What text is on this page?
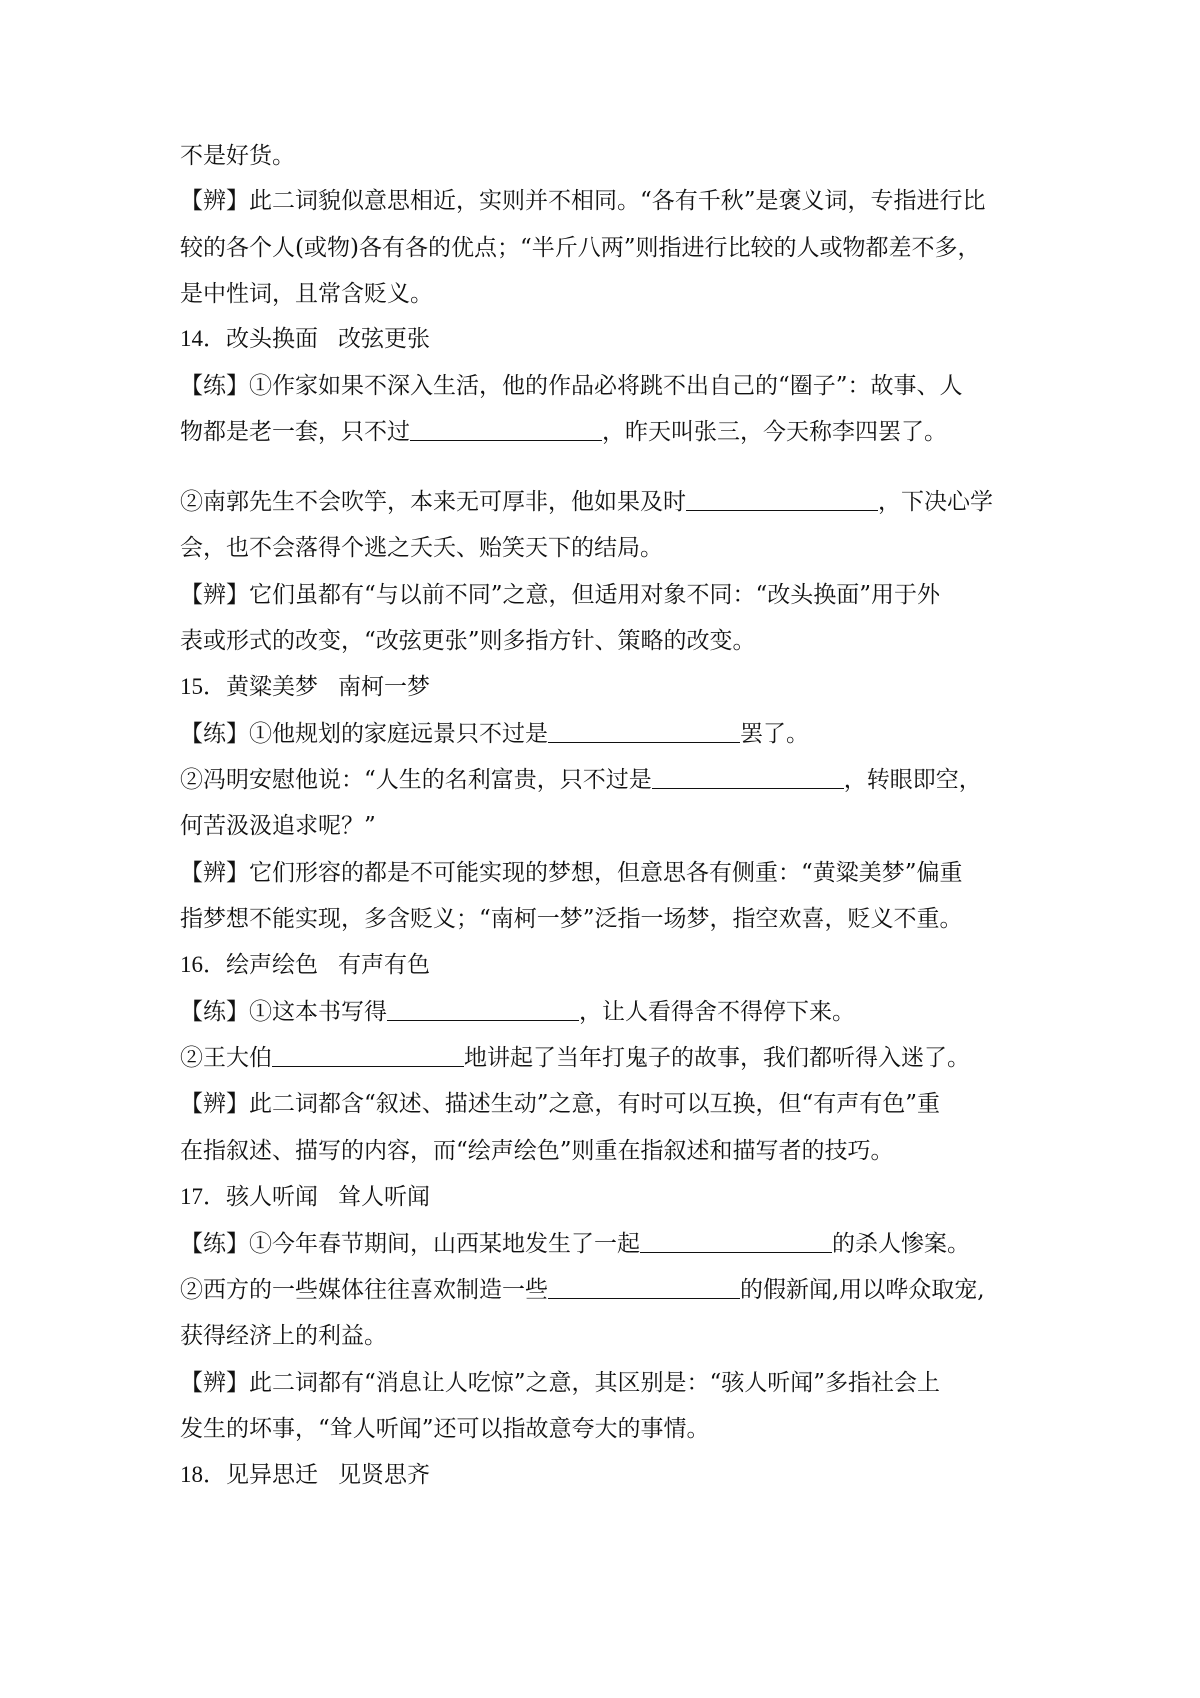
不是好货。
【辨】此二词貌似意思相近，实则并不相同。“各有千秋”是褒义词，专指进行比
较的各个人(或物)各有各的优点；“半斤八两”则指进行比较的人或物都差不多，
是中性词，且常含贬义。
14．改头换面 改弦更张
【练】①作家如果不深入生活，他的作品必将跳不出自己的“圈子”：故事、人
物都是老一套，只不过	，昨天叫张三，今天称李四罢了。
②南郭先生不会吹竽，本来无可厚非，他如果及时	，下决心学
会，也不会落得个逃之夭夭、贻笑天下的结局。
【辨】它们虽都有“与以前不同”之意，但适用对象不同：“改头换面”用于外
表或形式的改变，“改弦更张”则多指方针、策略的改变。
15．黄粱美梦 南柯一梦
【练】①他规划的家庭远景只不过是	罢了。
②冯明安慰他说：“人生的名利富贵，只不过是	，转眼即空，
何苦汲汲追求呢？”
【辨】它们形容的都是不可能实现的梦想，但意思各有侧重：“黄粱美梦”偏重
指梦想不能实现，多含贬义；“南柯一梦”泛指一场梦，指空欢喜，贬义不重。
16．绘声绘色 有声有色
【练】①这本书写得	，让人看得舍不得停下来。
②王大伯	地讲起了当年打鬼子的故事，我们都听得入迷了。
【辨】此二词都含“叙述、描述生动”之意，有时可以互换，但“有声有色”重
在指叙述、描写的内容，而“绘声绘色”则重在指叙述和描写者的技巧。
17．骇人听闻 耸人听闻
【练】①今年春节期间，山西某地发生了一起	的杀人惨案。
②西方的一些媒体往往喜欢制造一些	的假新闻,用以哗众取宠,
获得经济上的利益。
【辨】此二词都有“消息让人吃惊”之意，其区别是：“骇人听闻”多指社会上
发生的坏事，“耸人听闻”还可以指故意夸大的事情。
18．见异思迁 见贤思齐
